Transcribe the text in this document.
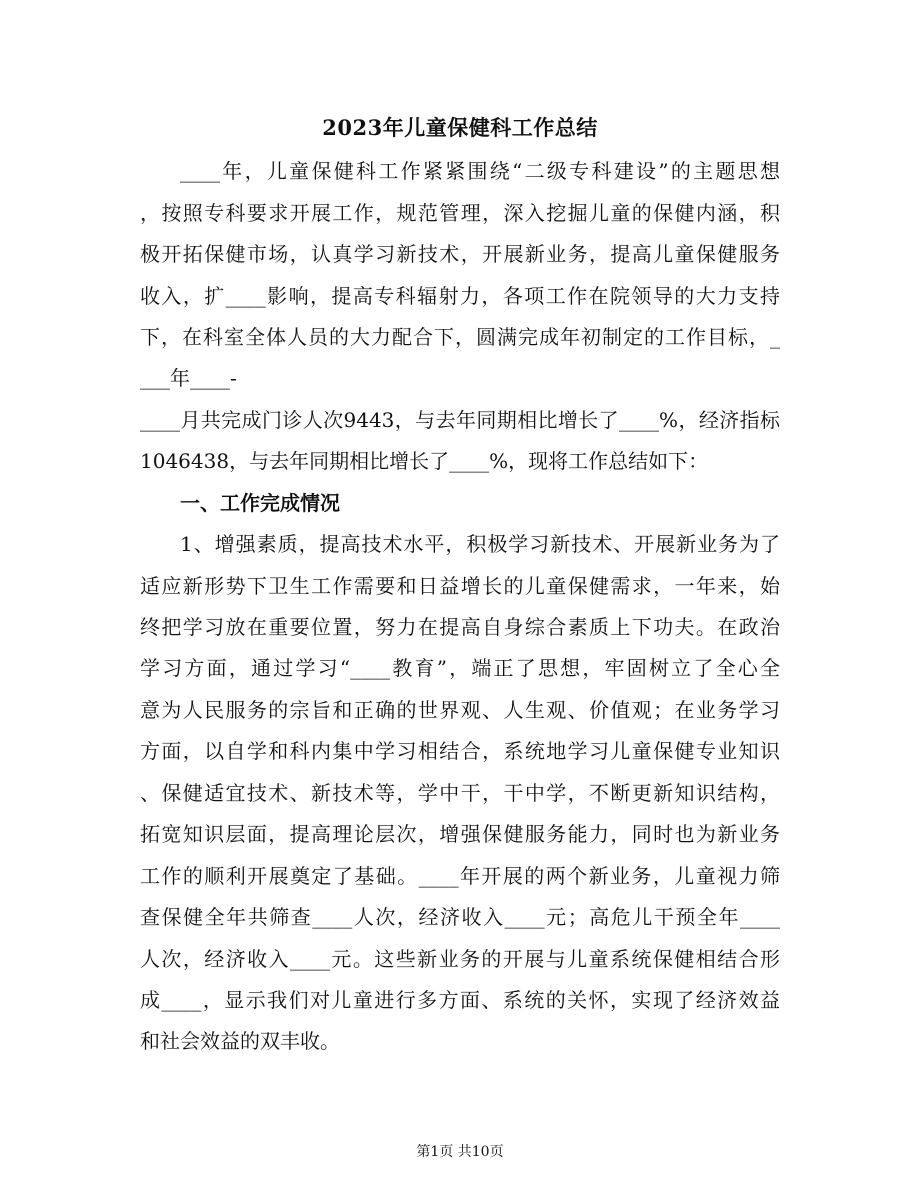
2023年儿童保健科工作总结
____年，儿童保健科工作紧紧围绕“二级专科建设”的主题思想
，按照专科要求开展工作，规范管理，深入挖掘儿童的保健内涵，积
极开拓保健市场，认真学习新技术，开展新业务，提高儿童保健服务
收入，扩____影响，提高专科辐射力，各项工作在院领导的大力支持
下，在科室全体人员的大力配合下，圆满完成年初制定的工作目标，_
___年____-
____月共完成门诊人次9443，与去年同期相比增长了____%，经济指标
1046438，与去年同期相比增长了____%，现将工作总结如下：
一、工作完成情况
1、增强素质，提高技术水平，积极学习新技术、开展新业务为了
适应新形势下卫生工作需要和日益增长的儿童保健需求，一年来，始
终把学习放在重要位置，努力在提高自身综合素质上下功夫。在政治
学习方面，通过学习“____教育”，端正了思想，牢固树立了全心全
意为人民服务的宗旨和正确的世界观、人生观、价值观；在业务学习
方面，以自学和科内集中学习相结合，系统地学习儿童保健专业知识
、保健适宜技术、新技术等，学中干，干中学，不断更新知识结构，
拓宽知识层面，提高理论层次，增强保健服务能力，同时也为新业务
工作的顺利开展奠定了基础。____年开展的两个新业务，儿童视力筛
查保健全年共筛查____人次，经济收入____元；高危儿干预全年____
人次，经济收入____元。这些新业务的开展与儿童系统保健相结合形
成____，显示我们对儿童进行多方面、系统的关怀，实现了经济效益
和社会效益的双丰收。
第1页 共10页
